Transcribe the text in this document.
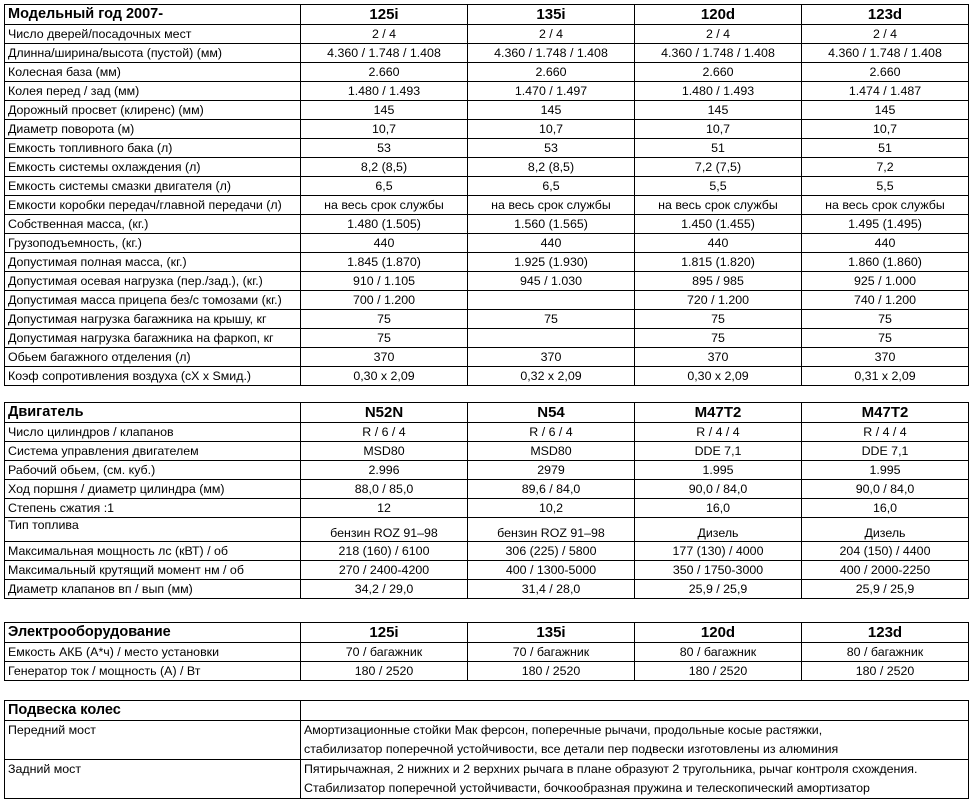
Модельный год 2007-	125i	135i	120d	123d
Число дверей/посадочных мест	2 / 4	2 / 4	2 / 4	2 / 4
Длинна/ширина/высота (пустой) (мм)	4.360 / 1.748 / 1.408	4.360 / 1.748 / 1.408	4.360 / 1.748 / 1.408	4.360 / 1.748 / 1.408
Колесная база (мм)	2.660	2.660	2.660	2.660
Колея перед / зад (мм)	1.480 / 1.493	1.470 / 1.497	1.480 / 1.493	1.474 / 1.487
Дорожный просвет (клиренс) (мм)	145	145	145	145
Диаметр поворота (м)	10,7	10,7	10,7	10,7
Емкость топливного бака (л)	53	53	51	51
Емкость системы охлаждения (л)	8,2 (8,5)	8,2 (8,5)	7,2 (7,5)	7,2
Емкость системы смазки двигателя (л)	6,5	6,5	5,5	5,5
Емкости коробки передач/главной передачи (л)	на весь срок службы	на весь срок службы	на весь срок службы	на весь срок службы
Собственная масса, (кг.)	1.480 (1.505)	1.560 (1.565)	1.450 (1.455)	1.495 (1.495)
Грузоподъемность, (кг.)	440	440	440	440
Допустимая полная масса, (кг.)	1.845 (1.870)	1.925 (1.930)	1.815 (1.820)	1.860 (1.860)
Допустимая осевая нагрузка (пер./зад.), (кг.)	910 / 1.105	945 / 1.030	895 / 985	925 / 1.000
Допустимая масса прицепа без/с томозами (кг.)	700 / 1.200		720 / 1.200	740 / 1.200
Допустимая нагрузка багажника на крышу, кг	75	75	75	75
Допустимая нагрузка багажника на фаркоп, кг	75		75	75
Обьем багажного отделения (л)	370	370	370	370
Коэф сопротивления воздуха (cX x Sмид.)	0,30 x 2,09	0,32 x 2,09	0,30 x 2,09	0,31 x 2,09
Двигатель	N52N	N54	M47T2	M47T2
Число цилиндров / клапанов	R / 6 / 4	R / 6 / 4	R / 4 / 4	R / 4 / 4
Система управления двигателем	MSD80	MSD80	DDE 7,1	DDE 7,1
Рабочий обьем, (см. куб.)	2.996	2979	1.995	1.995
Ход поршня / диаметр цилиндра (мм)	88,0 / 85,0	89,6 / 84,0	90,0 / 84,0	90,0 / 84,0
Степень сжатия :1	12	10,2	16,0	16,0
Тип топлива	бензин ROZ 91–98	бензин ROZ 91–98	Дизель	Дизель
Максимальная мощность лс (кВТ) / об	218 (160) / 6100	306 (225) / 5800	177 (130) / 4000	204 (150) / 4400
Максимальный крутящий момент нм / об	270 / 2400-4200	400 / 1300-5000	350 / 1750-3000	400 / 2000-2250
Диаметр клапанов вп / вып (мм)	34,2 / 29,0	31,4 / 28,0	25,9 / 25,9	25,9 / 25,9
Электрооборудование	125i	135i	120d	123d
Емкость АКБ (А*ч) / место установки	70 / багажник	70 / багажник	80 / багажник	80 / багажник
Генератор ток / мощность (А) / Вт	180 / 2520	180 / 2520	180 / 2520	180 / 2520
Подвеска колес	
Передний мост	Амортизационные стойки Мак ферсон, поперечные рычачи, продольные косые растяжки,
стабилизатор поперечной устойчивости, все детали пер подвески изготовлены из алюминия
Задний мост	Пятирычажная, 2 нижних и 2 верхних рычага в плане образуют 2 тругольника, рычаг контроля схождения.
Стабилизатор поперечной устойчивасти, бочкообразная пружина и телескопический амортизатор
